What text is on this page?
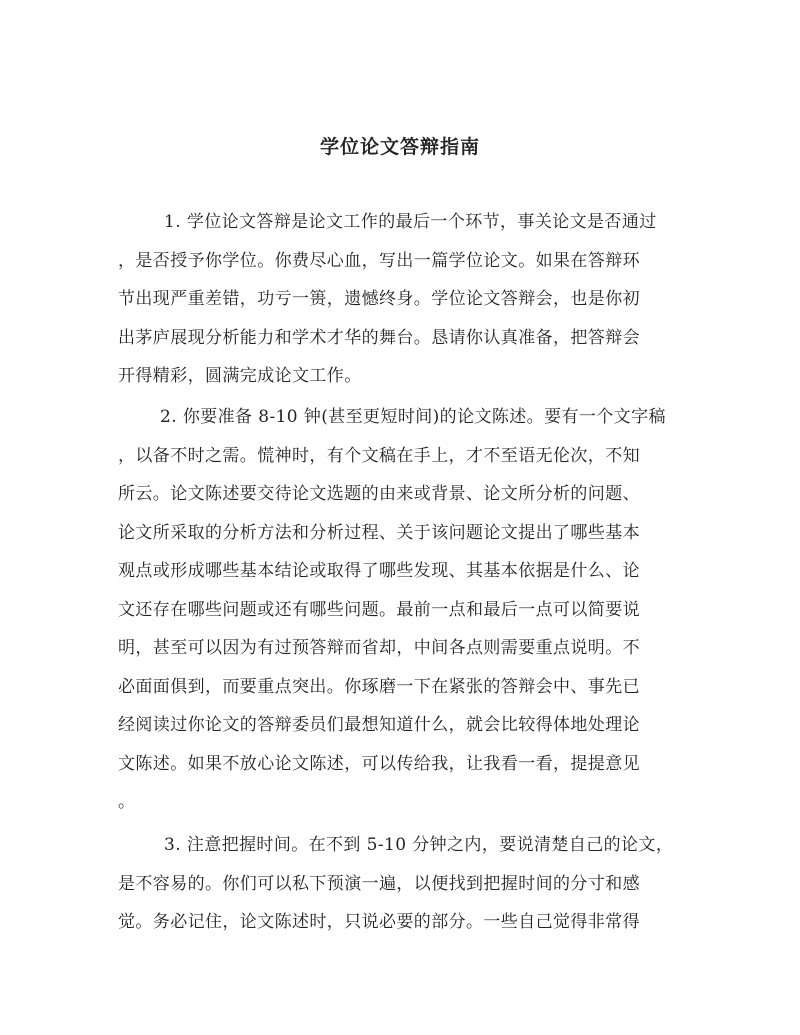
学位论文答辩指南
1. 学位论文答辩是论文工作的最后一个环节，事关论文是否通过
，是否授予你学位。你费尽心血，写出一篇学位论文。如果在答辩环
节出现严重差错，功亏一篑，遗憾终身。学位论文答辩会，也是你初
出茅庐展现分析能力和学术才华的舞台。恳请你认真准备，把答辩会
开得精彩，圆满完成论文工作。
2. 你要准备 8-10 钟(甚至更短时间)的论文陈述。要有一个文字稿
，以备不时之需。慌神时，有个文稿在手上，才不至语无伦次，不知
所云。论文陈述要交待论文选题的由来或背景、论文所分析的问题、
论文所采取的分析方法和分析过程、关于该问题论文提出了哪些基本
观点或形成哪些基本结论或取得了哪些发现、其基本依据是什么、论
文还存在哪些问题或还有哪些问题。最前一点和最后一点可以简要说
明，甚至可以因为有过预答辩而省却，中间各点则需要重点说明。不
必面面俱到，而要重点突出。你琢磨一下在紧张的答辩会中、事先已
经阅读过你论文的答辩委员们最想知道什么，就会比较得体地处理论
文陈述。如果不放心论文陈述，可以传给我，让我看一看，提提意见
。
3. 注意把握时间。在不到 5-10 分钟之内，要说清楚自己的论文，
是不容易的。你们可以私下预演一遍，以便找到把握时间的分寸和感
觉。务必记住，论文陈述时，只说必要的部分。一些自己觉得非常得
